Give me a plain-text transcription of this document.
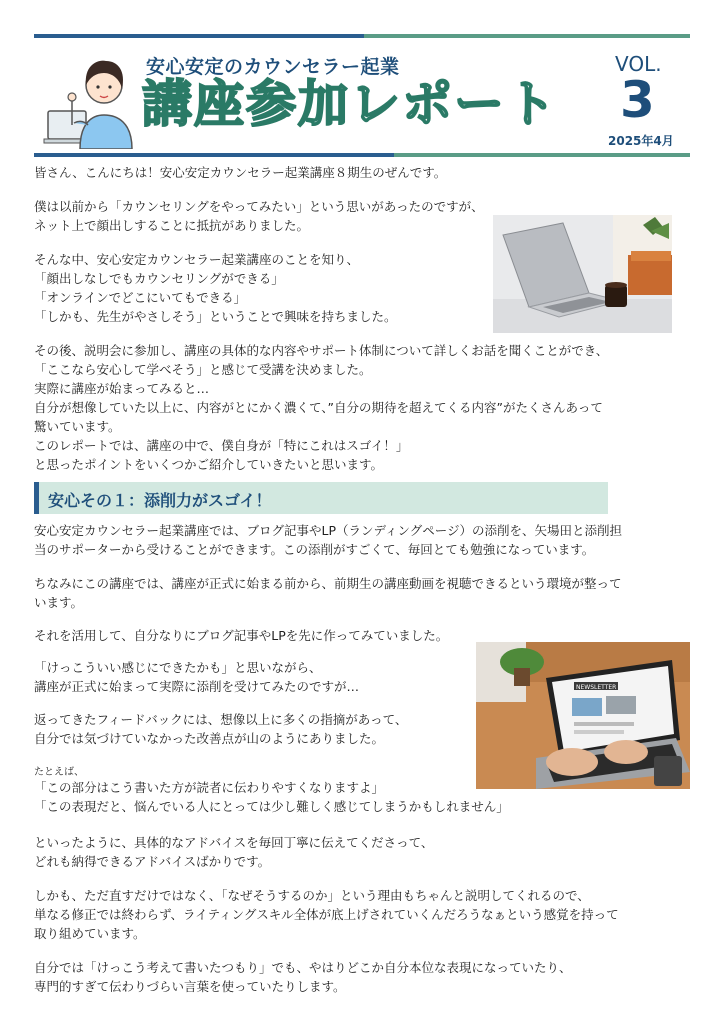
安心安定のカウンセラー起業
講座参加レポート
VOL.
3
2025年4月
皆さん、こんにちは！安心安定カウンセラー起業講座８期生のぜんです。
僕は以前から「カウンセリングをやってみたい」という思いがあったのですが、
ネット上で顔出しすることに抵抗がありました。
そんな中、安心安定カウンセラー起業講座のことを知り、
「顔出しなしでもカウンセリングができる」
「オンラインでどこにいてもできる」
「しかも、先生がやさしそう」ということで興味を持ちました。
その後、説明会に参加し、講座の具体的な内容やサポート体制について詳しくお話を聞くことができ、
「ここなら安心して学べそう」と感じて受講を決めました。
実際に講座が始まってみると…
自分が想像していた以上に、内容がとにかく濃くて、”自分の期待を超えてくる内容”がたくさんあって
驚いています。
このレポートでは、講座の中で、僕自身が「特にこれはスゴイ！」
と思ったポイントをいくつかご紹介していきたいと思います。
安心その１：添削力がスゴイ！
安心安定カウンセラー起業講座では、ブログ記事やLP（ランディングページ）の添削を、矢場田と添削担
当のサポーターから受けることができます。この添削がすごくて、毎回とても勉強になっています。
ちなみにこの講座では、講座が正式に始まる前から、前期生の講座動画を視聴できるという環境が整って
います。
それを活用して、自分なりにブログ記事やLPを先に作ってみていました。
「けっこういい感じにできたかも」と思いながら、
講座が正式に始まって実際に添削を受けてみたのですが…
返ってきたフィードバックには、想像以上に多くの指摘があって、
自分では気づけていなかった改善点が山のようにありました。
たとえば、
「この部分はこう書いた方が読者に伝わりやすくなりますよ」
「この表現だと、悩んでいる人にとっては少し難しく感じてしまうかもしれません」
といったように、具体的なアドバイスを毎回丁寧に伝えてくださって、
どれも納得できるアドバイスばかりです。
しかも、ただ直すだけではなく、「なぜそうするのか」という理由もちゃんと説明してくれるので、
単なる修正では終わらず、ライティングスキル全体が底上げされていくんだろうなぁという感覚を持って
取り組めています。
自分では「けっこう考えて書いたつもり」でも、やはりどこか自分本位な表現になっていたり、
専門的すぎて伝わりづらい言葉を使っていたりします。
NEWSLETTER
